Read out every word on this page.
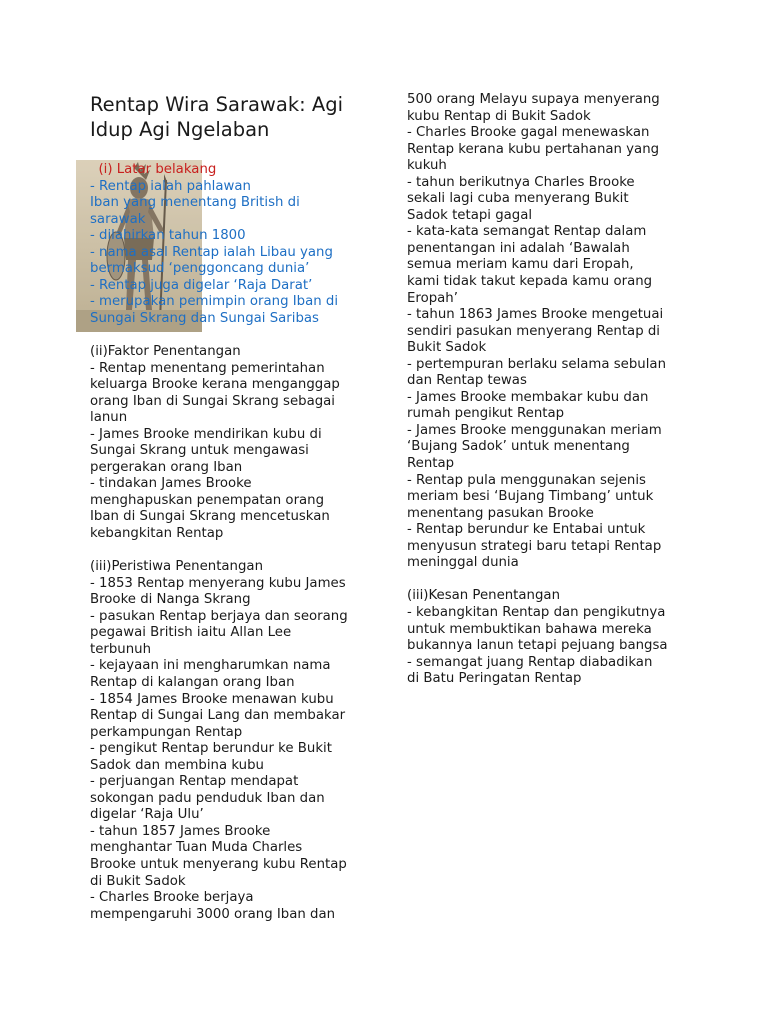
Rentap Wira Sarawak: Agi
Idup Agi Ngelaban
(i) Latar belakang
- Rentap ialah pahlawan
Iban yang menentang British di
sarawak
- dilahirkan tahun 1800
- nama asal Rentap ialah Libau yang
bermaksud ‘penggoncang dunia’
- Rentap juga digelar ‘Raja Darat’
- merupakan pemimpin orang Iban di
Sungai Skrang dan Sungai Saribas
(ii)Faktor Penentangan
- Rentap menentang pemerintahan
keluarga Brooke kerana menganggap
orang Iban di Sungai Skrang sebagai
lanun
- James Brooke mendirikan kubu di
Sungai Skrang untuk mengawasi
pergerakan orang Iban
- tindakan James Brooke
menghapuskan penempatan orang
Iban di Sungai Skrang mencetuskan
kebangkitan Rentap
(iii)Peristiwa Penentangan
- 1853 Rentap menyerang kubu James
Brooke di Nanga Skrang
- pasukan Rentap berjaya dan seorang
pegawai British iaitu Allan Lee
terbunuh
- kejayaan ini mengharumkan nama
Rentap di kalangan orang Iban
- 1854 James Brooke menawan kubu
Rentap di Sungai Lang dan membakar
perkampungan Rentap
- pengikut Rentap berundur ke Bukit
Sadok dan membina kubu
- perjuangan Rentap mendapat
sokongan padu penduduk Iban dan
digelar ‘Raja Ulu’
- tahun 1857 James Brooke
menghantar Tuan Muda Charles
Brooke untuk menyerang kubu Rentap
di Bukit Sadok
- Charles Brooke berjaya
mempengaruhi 3000 orang Iban dan
500 orang Melayu supaya menyerang
kubu Rentap di Bukit Sadok
- Charles Brooke gagal menewaskan
Rentap kerana kubu pertahanan yang
kukuh
- tahun berikutnya Charles Brooke
sekali lagi cuba menyerang Bukit
Sadok tetapi gagal
- kata-kata semangat Rentap dalam
penentangan ini adalah ‘Bawalah
semua meriam kamu dari Eropah,
kami tidak takut kepada kamu orang
Eropah’
- tahun 1863 James Brooke mengetuai
sendiri pasukan menyerang Rentap di
Bukit Sadok
- pertempuran berlaku selama sebulan
dan Rentap tewas
- James Brooke membakar kubu dan
rumah pengikut Rentap
- James Brooke menggunakan meriam
‘Bujang Sadok’ untuk menentang
Rentap
- Rentap pula menggunakan sejenis
meriam besi ‘Bujang Timbang’ untuk
menentang pasukan Brooke
- Rentap berundur ke Entabai untuk
menyusun strategi baru tetapi Rentap
meninggal dunia
(iii)Kesan Penentangan
- kebangkitan Rentap dan pengikutnya
untuk membuktikan bahawa mereka
bukannya lanun tetapi pejuang bangsa
- semangat juang Rentap diabadikan
di Batu Peringatan Rentap
